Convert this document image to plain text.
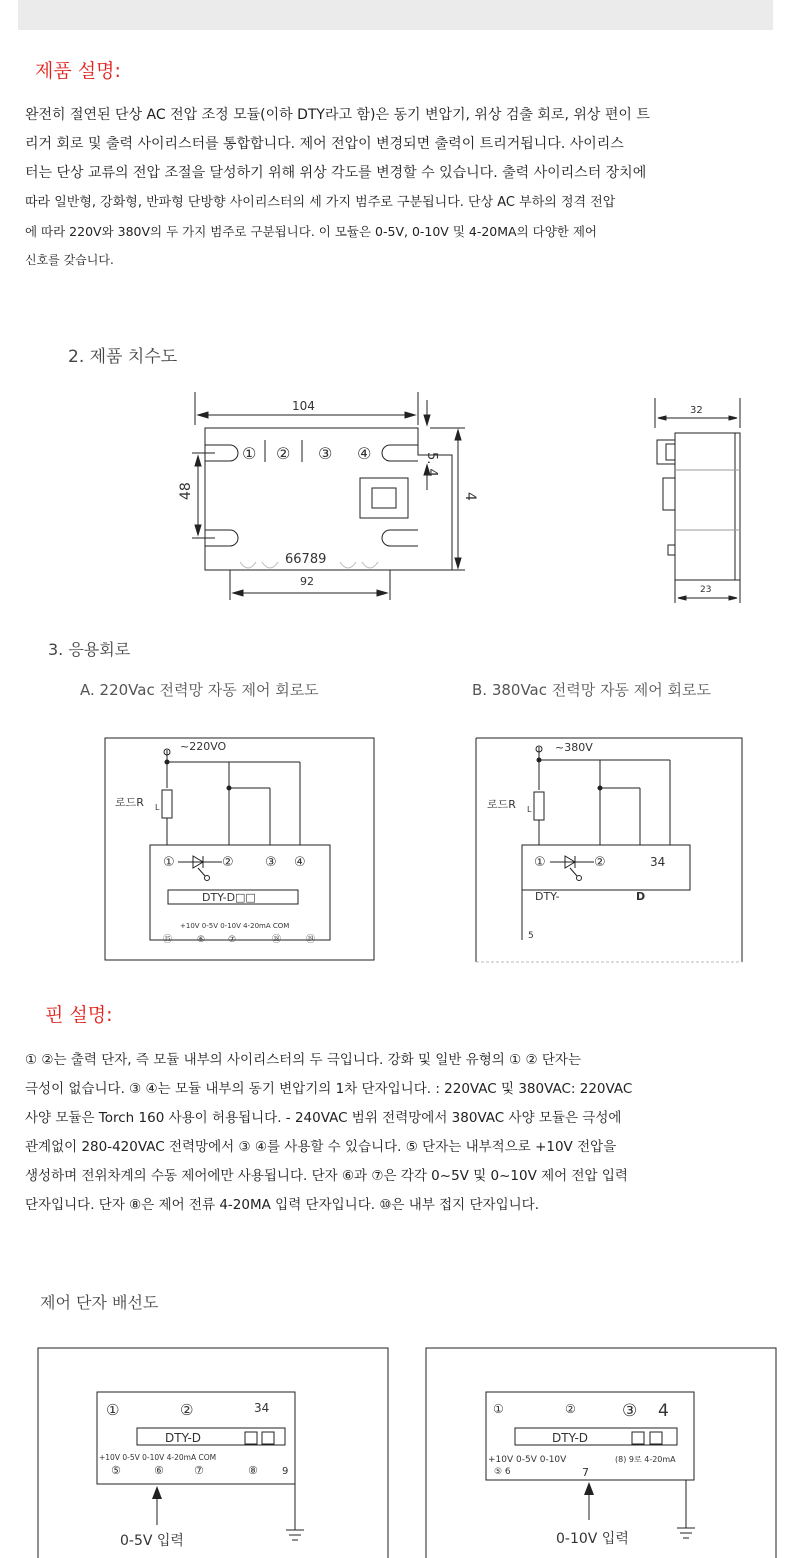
제품 설명:
완전히 절연된 단상 AC 전압 조정 모듈(이하 DTY라고 함)은 동기 변압기, 위상 검출 회로, 위상 편이 트
리거 회로 및 출력 사이리스터를 통합합니다. 제어 전압이 변경되면 출력이 트리거됩니다. 사이리스
터는 단상 교류의 전압 조절을 달성하기 위해 위상 각도를 변경할 수 있습니다. 출력 사이리스터 장치에
따라 일반형, 강화형, 반파형 단방향 사이리스터의 세 가지 범주로 구분됩니다. 단상 AC 부하의 정격 전압
에 따라 220V와 380V의 두 가지 범주로 구분됩니다. 이 모듈은 0-5V, 0-10V 및 4-20MA의 다양한 제어
신호를 갖습니다.
2. 제품 치수도
104
48	4
5. 4
92
66789
① ② ③ ④
32
23
~220VO
로드R L
①	② ③ ④
DTY-D□□
+10V 0-5V 0-10V 4-20mA COM
⑮	⑥	⑦	⑱	⑲
~380V
로드R L
①	②	34
DTY-	D
5
①	②	34
DTY-D
+10V 0-5V 0-10V 4-20mA COM
⑤	⑥	⑦	⑧ 9
0-5V 입력
①	②	③ 4
DTY-D
+10V 0-5V 0-10V	(8) 9로 4-20mA
⑤ 6	7
0-10V 입력
3. 응용회로
A. 220Vac 전력망 자동 제어 회로도	B. 380Vac 전력망 자동 제어 회로도
핀 설명:
① ②는 출력 단자, 즉 모듈 내부의 사이리스터의 두 극입니다. 강화 및 일반 유형의 ① ② 단자는
극성이 없습니다. ③ ④는 모듈 내부의 동기 변압기의 1차 단자입니다. : 220VAC 및 380VAC: 220VAC
사양 모듈은 Torch 160 사용이 허용됩니다. - 240VAC 범위 전력망에서 380VAC 사양 모듈은 극성에
관계없이 280-420VAC 전력망에서 ③ ④를 사용할 수 있습니다. ⑤ 단자는 내부적으로 +10V 전압을
생성하며 전위차계의 수동 제어에만 사용됩니다. 단자 ⑥과 ⑦은 각각 0~5V 및 0~10V 제어 전압 입력
단자입니다. 단자 ⑧은 제어 전류 4-20MA 입력 단자입니다. ⑩은 내부 접지 단자입니다.
제어 단자 배선도
